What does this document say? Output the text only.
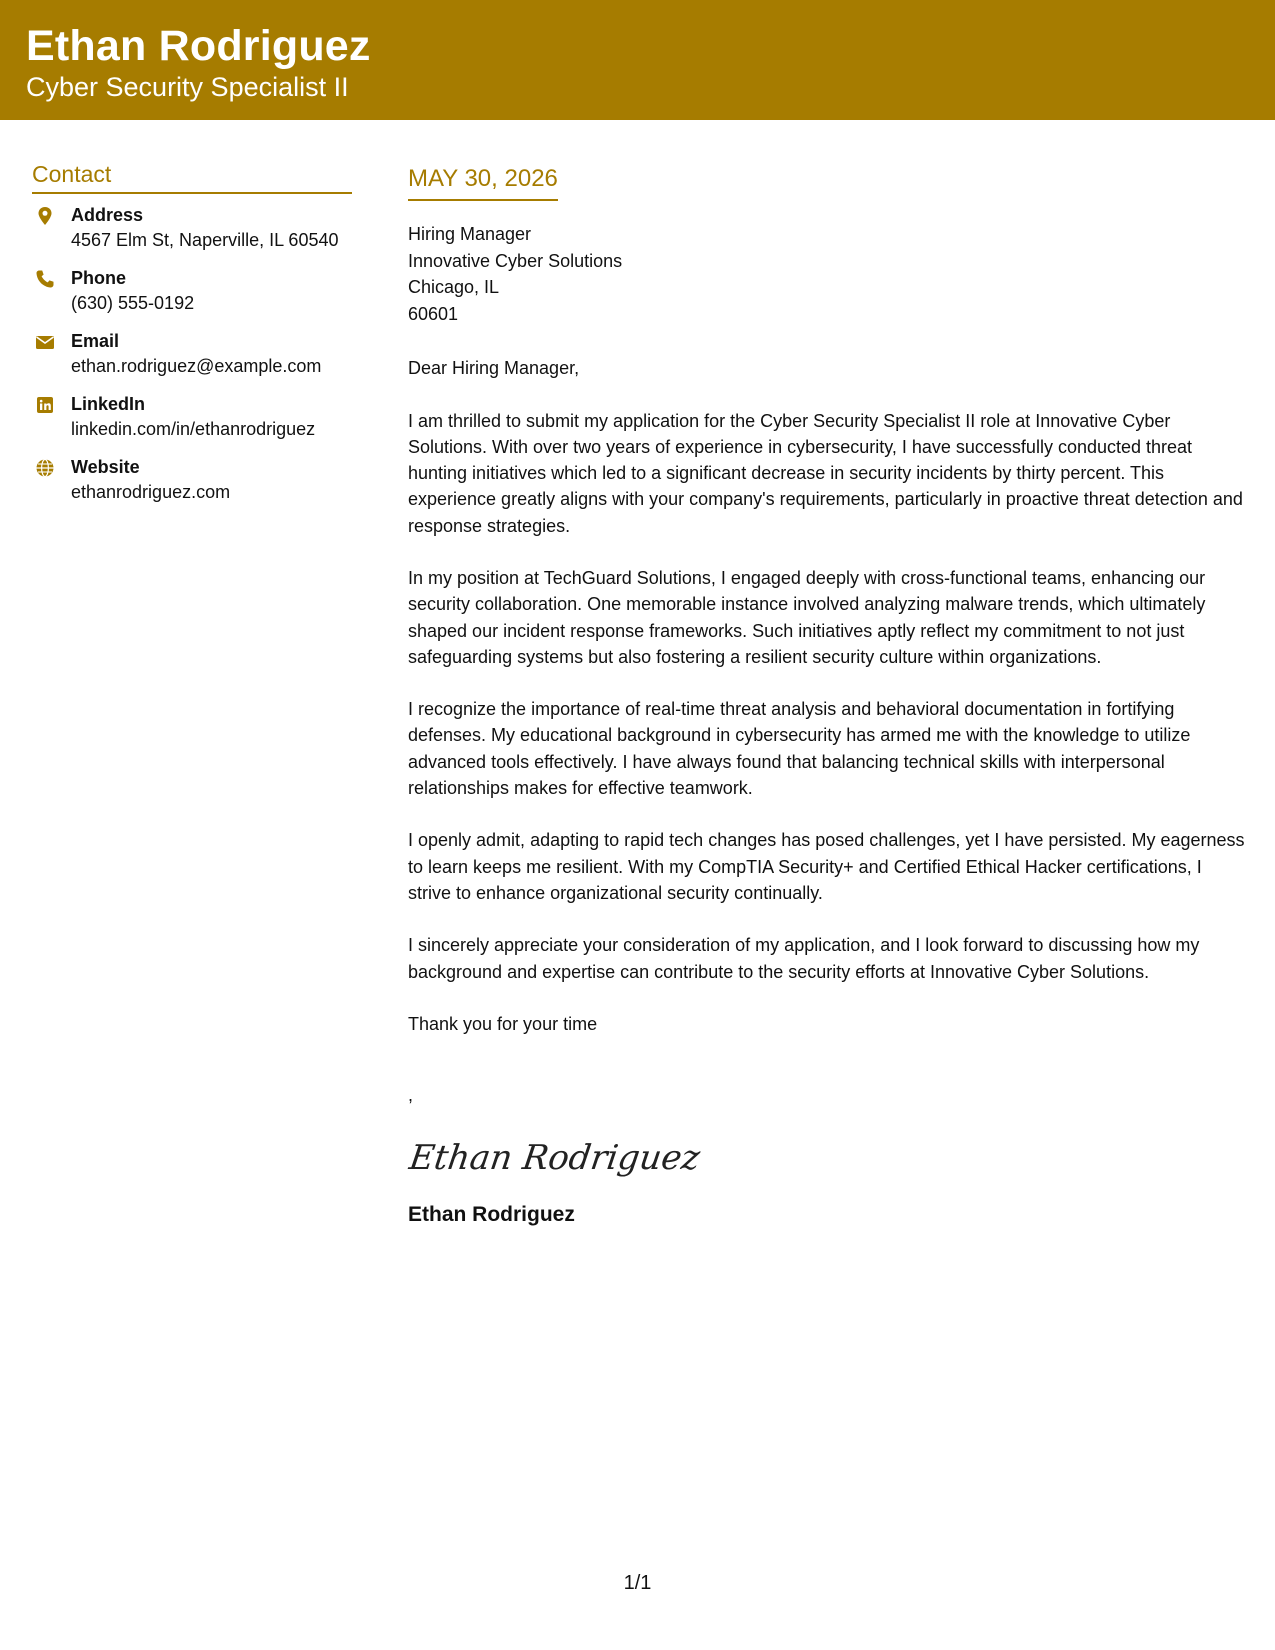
Ethan Rodriguez
Cyber Security Specialist II
Contact
Address
4567 Elm St, Naperville, IL 60540
Phone
(630) 555-0192
Email
ethan.rodriguez@example.com
LinkedIn
linkedin.com/in/ethanrodriguez
Website
ethanrodriguez.com
MAY 30, 2026
Hiring Manager
Innovative Cyber Solutions
Chicago, IL
60601
Dear Hiring Manager,
I am thrilled to submit my application for the Cyber Security Specialist II role at Innovative Cyber Solutions. With over two years of experience in cybersecurity, I have successfully conducted threat hunting initiatives which led to a significant decrease in security incidents by thirty percent. This experience greatly aligns with your company's requirements, particularly in proactive threat detection and response strategies.
In my position at TechGuard Solutions, I engaged deeply with cross-functional teams, enhancing our security collaboration. One memorable instance involved analyzing malware trends, which ultimately shaped our incident response frameworks. Such initiatives aptly reflect my commitment to not just safeguarding systems but also fostering a resilient security culture within organizations.
I recognize the importance of real-time threat analysis and behavioral documentation in fortifying defenses. My educational background in cybersecurity has armed me with the knowledge to utilize advanced tools effectively. I have always found that balancing technical skills with interpersonal relationships makes for effective teamwork.
I openly admit, adapting to rapid tech changes has posed challenges, yet I have persisted. My eagerness to learn keeps me resilient. With my CompTIA Security+ and Certified Ethical Hacker certifications, I strive to enhance organizational security continually.
I sincerely appreciate your consideration of my application, and I look forward to discussing how my background and expertise can contribute to the security efforts at Innovative Cyber Solutions.
Thank you for your time
,
Ethan Rodriguez
Ethan Rodriguez
1/1
